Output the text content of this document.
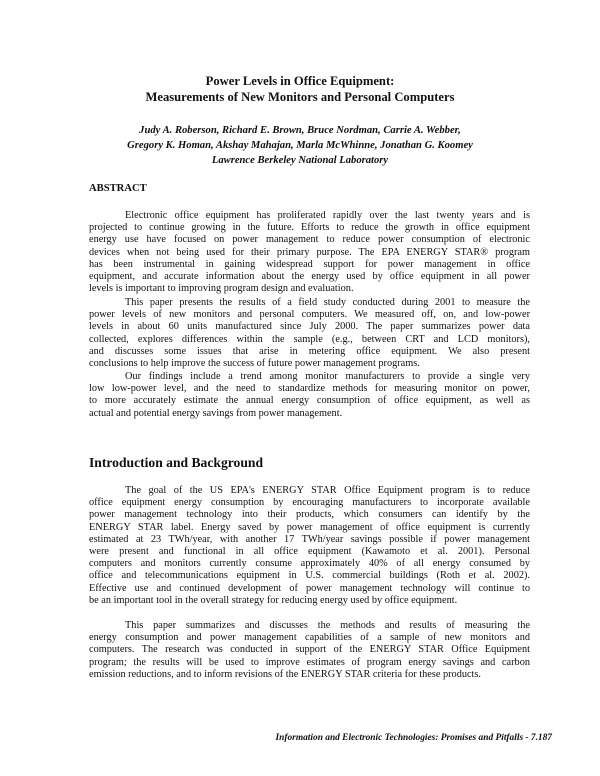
Power Levels in Office Equipment:
Measurements of New Monitors and Personal Computers
Judy A. Roberson, Richard E. Brown, Bruce Nordman, Carrie A. Webber,
Gregory K. Homan, Akshay Mahajan, Marla McWhinne, Jonathan G. Koomey
Lawrence Berkeley National Laboratory
ABSTRACT
Electronic office equipment has proliferated rapidly over the last twenty years and is
projected to continue growing in the future. Efforts to reduce the growth in office equipment
energy use have focused on power management to reduce power consumption of electronic
devices when not being used for their primary purpose. The EPA ENERGY STAR® program
has been instrumental in gaining widespread support for power management in office
equipment, and accurate information about the energy used by office equipment in all power
levels is important to improving program design and evaluation.
This paper presents the results of a field study conducted during 2001 to measure the
power levels of new monitors and personal computers. We measured off, on, and low-power
levels in about 60 units manufactured since July 2000. The paper summarizes power data
collected, explores differences within the sample (e.g., between CRT and LCD monitors),
and discusses some issues that arise in metering office equipment. We also present
conclusions to help improve the success of future power management programs.
Our findings include a trend among monitor manufacturers to provide a single very
low low-power level, and the need to standardize methods for measuring monitor on power,
to more accurately estimate the annual energy consumption of office equipment, as well as
actual and potential energy savings from power management.
Introduction and Background
The goal of the US EPA's ENERGY STAR Office Equipment program is to reduce
office equipment energy consumption by encouraging manufacturers to incorporate available
power management technology into their products, which consumers can identify by the
ENERGY STAR label. Energy saved by power management of office equipment is currently
estimated at 23 TWh/year, with another 17 TWh/year savings possible if power management
were present and functional in all office equipment (Kawamoto et al. 2001). Personal
computers and monitors currently consume approximately 40% of all energy consumed by
office and telecommunications equipment in U.S. commercial buildings (Roth et al. 2002).
Effective use and continued development of power management technology will continue to
be an important tool in the overall strategy for reducing energy used by office equipment.
This paper summarizes and discusses the methods and results of measuring the
energy consumption and power management capabilities of a sample of new monitors and
computers. The research was conducted in support of the ENERGY STAR Office Equipment
program; the results will be used to improve estimates of program energy savings and carbon
emission reductions, and to inform revisions of the ENERGY STAR criteria for these products.
Information and Electronic Technologies: Promises and Pitfalls - 7.187
